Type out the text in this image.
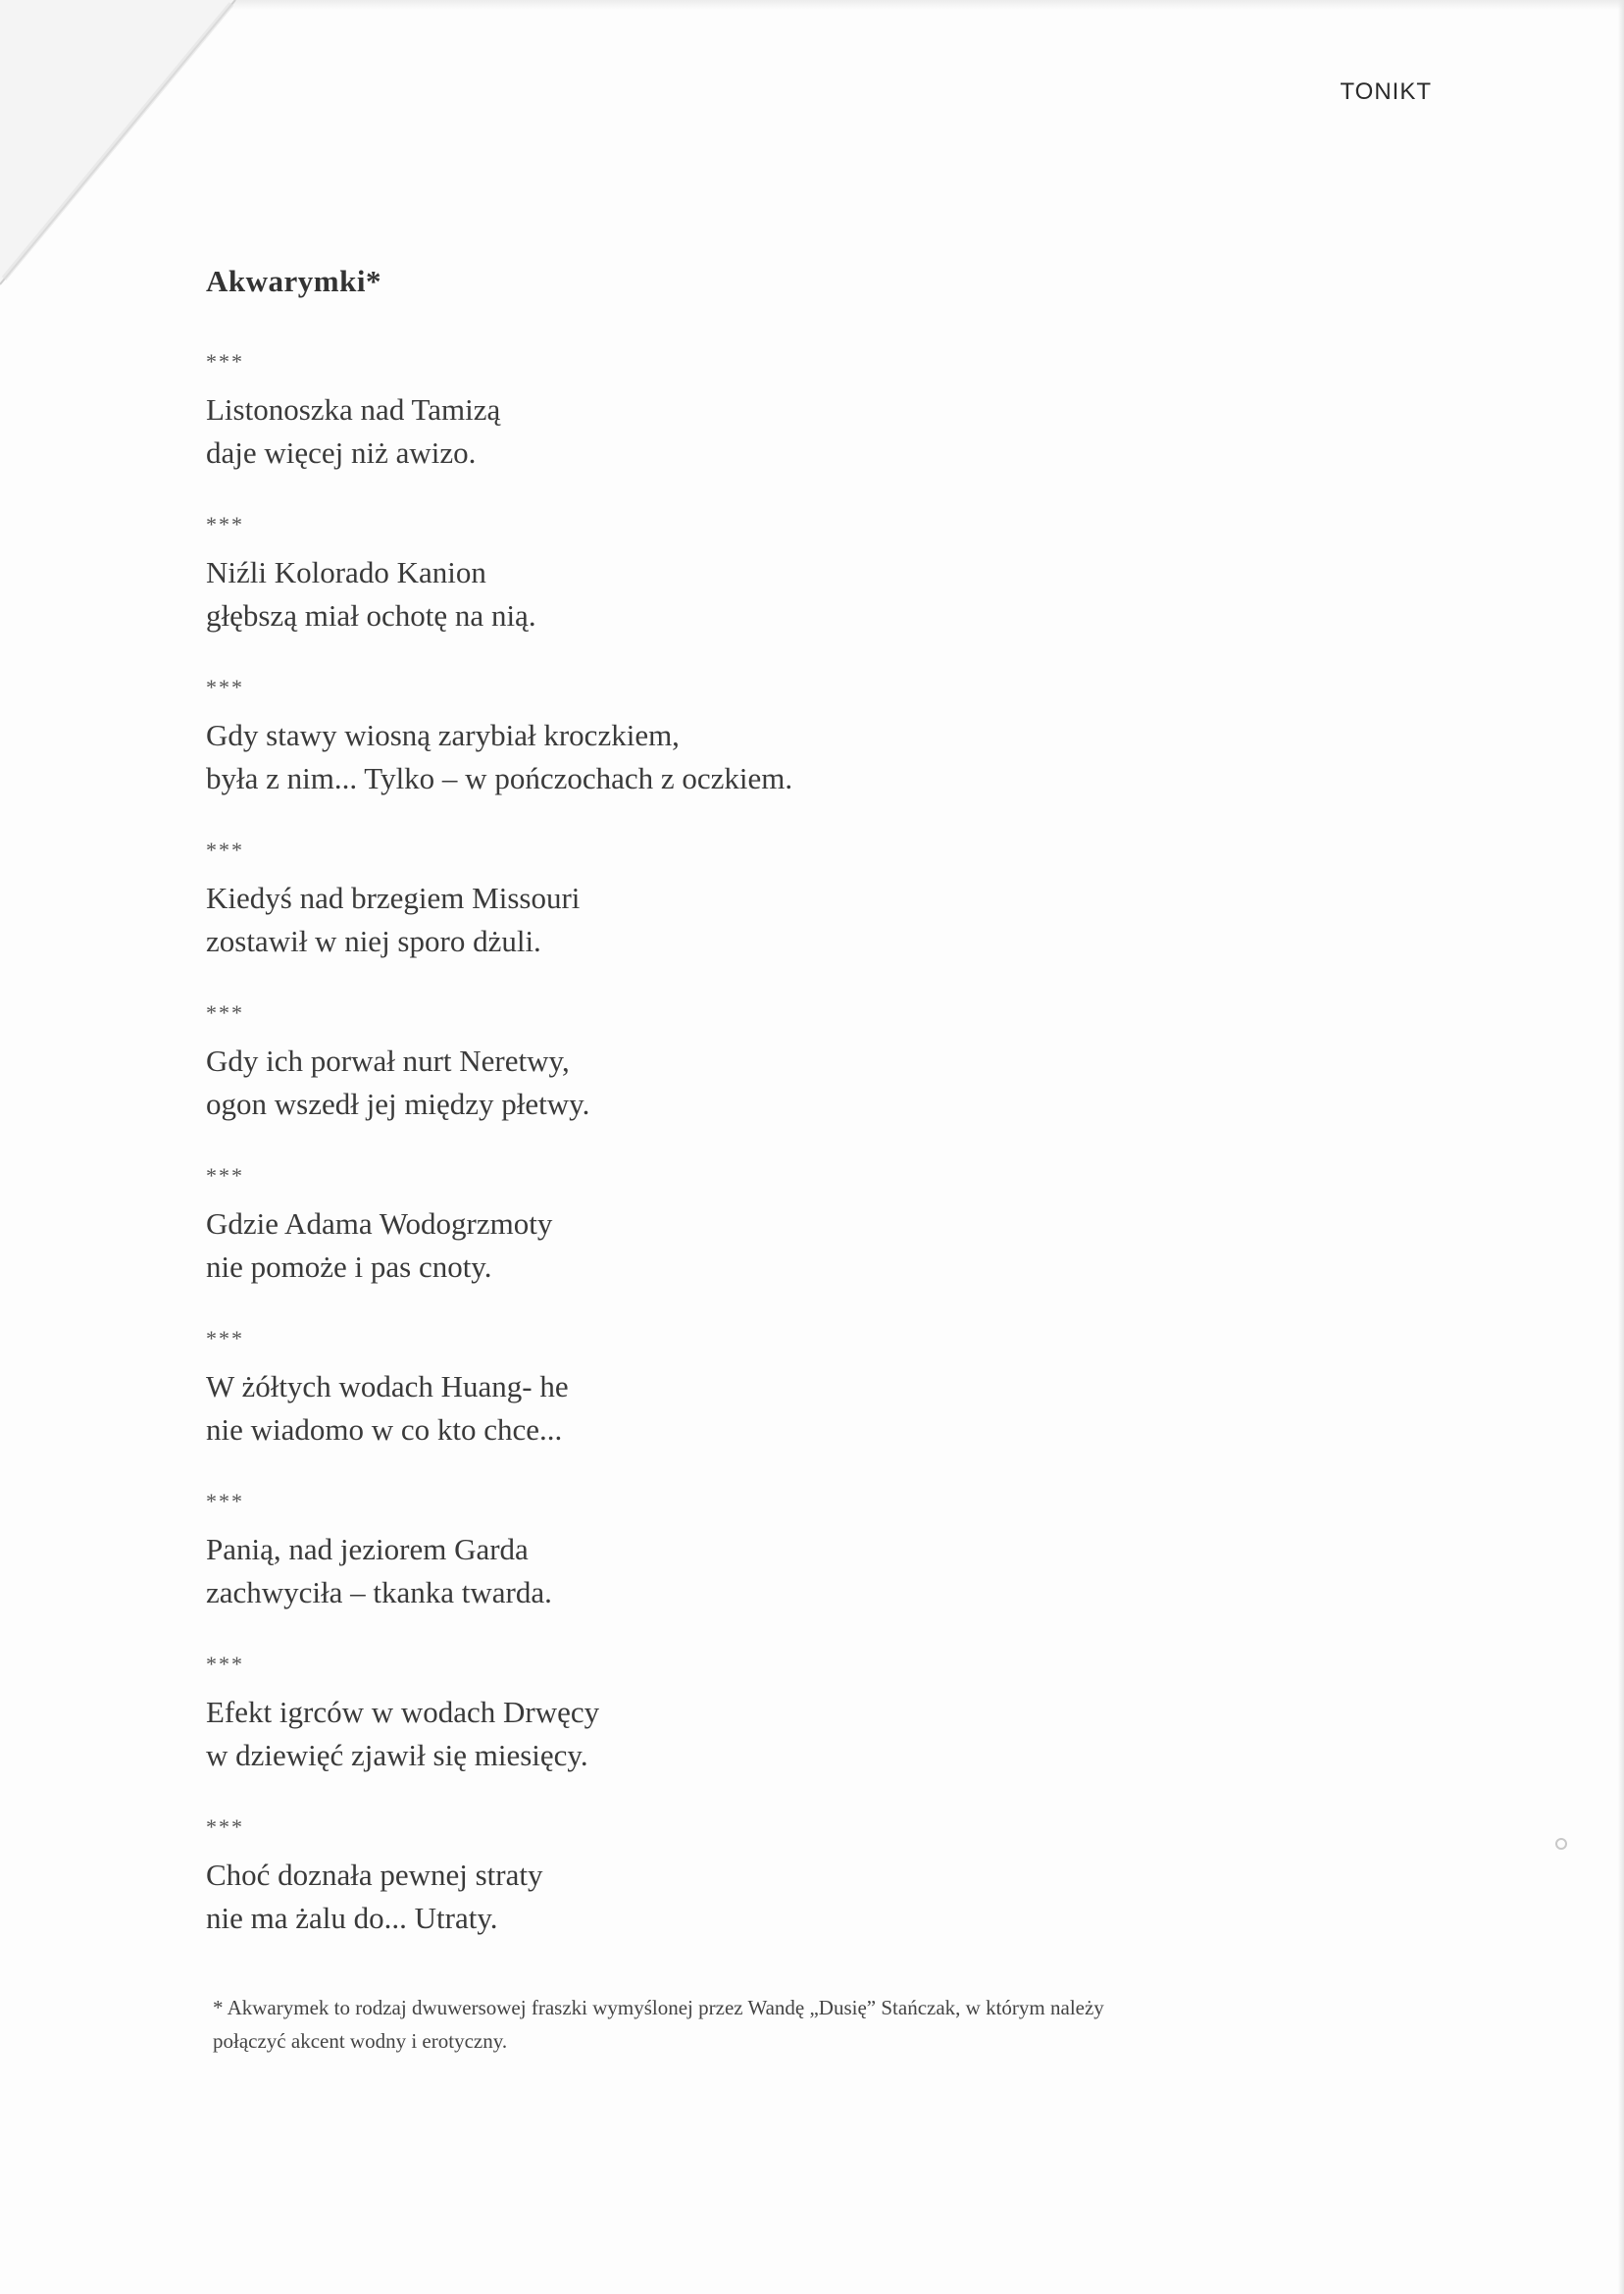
TONIKT
Akwarymki*
***
Listonoszka nad Tamizą
daje więcej niż awizo.
***
Niźli Kolorado Kanion
głębszą miał ochotę na nią.
***
Gdy stawy wiosną zarybiał kroczkiem,
była z nim... Tylko – w pończochach z oczkiem.
***
Kiedyś nad brzegiem Missouri
zostawił w niej sporo dżuli.
***
Gdy ich porwał nurt Neretwy,
ogon wszedł jej między płetwy.
***
Gdzie Adama Wodogrzmoty
nie pomoże i pas cnoty.
***
W żółtych wodach Huang- he
nie wiadomo w co kto chce...
***
Panią, nad jeziorem Garda
zachwyciła – tkanka twarda.
***
Efekt igrców w wodach Drwęcy
w dziewięć zjawił się miesięcy.
***
Choć doznała pewnej straty
nie ma żalu do... Utraty.
* Akwarymek to rodzaj dwuwersowej fraszki wymyślonej przez Wandę „Dusię” Stańczak, w którym należy
połączyć akcent wodny i erotyczny.
